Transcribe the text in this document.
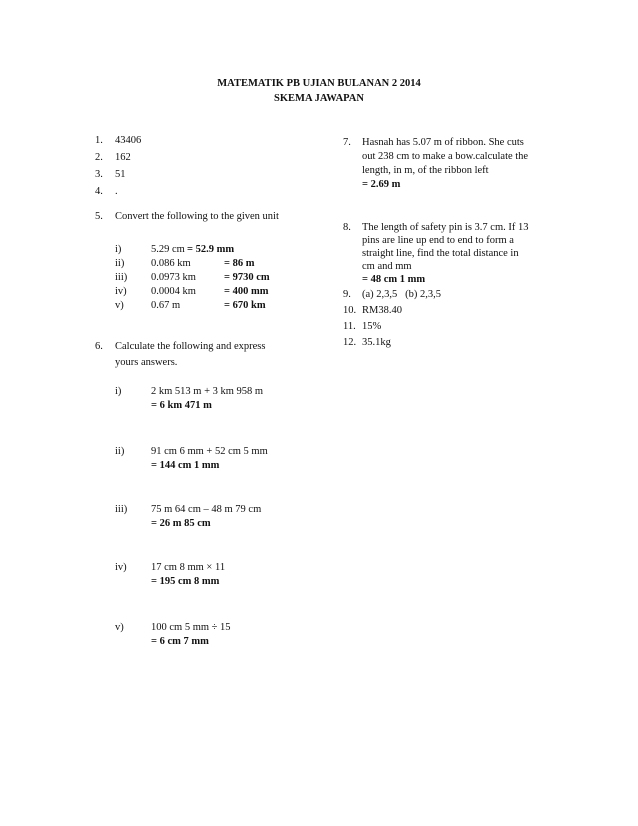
MATEMATIK PB UJIAN BULANAN 2 2014
SKEMA JAWAPAN
1. 43406
2. 162
3. 51
4. .
5. Convert the following to the given unit
i)	5.29 cm = 52.9 mm
ii)	0.086 km	= 86 m
iii) 0.0973 km	= 9730 cm
iv) 0.0004 km	= 400 mm
v)	0.67 m	= 670 km
6. Calculate the following and express
yours answers.
i)	2 km 513 m + 3 km 958 m
= 6 km 471 m
ii)	91 cm 6 mm + 52 cm 5 mm
= 144 cm 1 mm
iii) 75 m 64 cm – 48 m 79 cm
= 26 m 85 cm
iv) 17 cm 8 mm × 11
= 195 cm 8 mm
v)	100 cm 5 mm ÷ 15
= 6 cm 7 mm
7. Hasnah has 5.07 m of ribbon. She cuts
out 238 cm to make a bow.calculate the
length, in m, of the ribbon left
= 2.69 m
8. The length of safety pin is 3.7 cm. If 13
pins are line up end to end to form a
straight line, find the total distance in
cm and mm
= 48 cm 1 mm
9. (a) 2,3,5   (b) 2,3,5
10. RM38.40
11. 15%
12. 35.1kg
